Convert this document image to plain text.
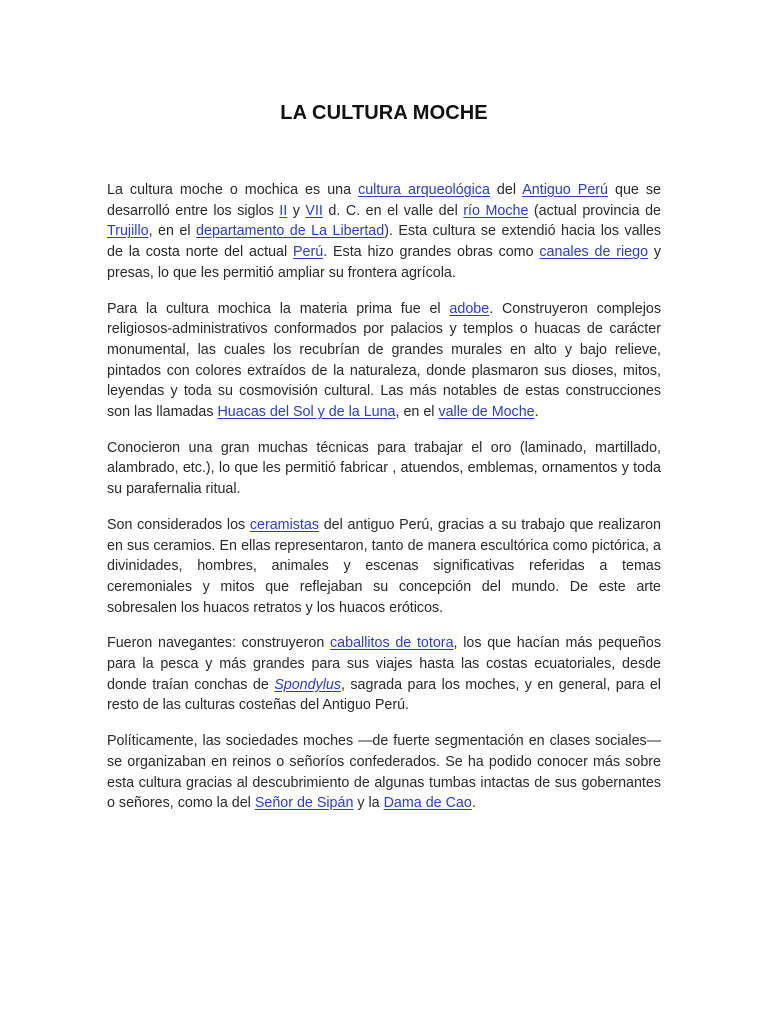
LA CULTURA MOCHE

La cultura moche o mochica es una cultura arqueológica del Antiguo Perú que se desarrolló entre los siglos II y VII d. C. en el valle del río Moche (actual provincia de Trujillo, en el departamento de La Libertad). Esta cultura se extendió hacia los valles de la costa norte del actual Perú. Esta hizo grandes obras como canales de riego y presas, lo que les permitió ampliar su frontera agrícola.

Para la cultura mochica la materia prima fue el adobe. Construyeron complejos religiosos-administrativos conformados por palacios y templos o huacas de carácter monumental, las cuales los recubrían de grandes murales en alto y bajo relieve, pintados con colores extraídos de la naturaleza, donde plasmaron sus dioses, mitos, leyendas y toda su cosmovisión cultural. Las más notables de estas construcciones son las llamadas Huacas del Sol y de la Luna, en el valle de Moche.

Conocieron una gran muchas técnicas para trabajar el oro (laminado, martillado, alambrado, etc.), lo que les permitió fabricar , atuendos, emblemas, ornamentos y toda su parafernalia ritual.

Son considerados los ceramistas del antiguo Perú, gracias a su trabajo que realizaron en sus ceramios. En ellas representaron, tanto de manera escultórica como pictórica, a divinidades, hombres, animales y escenas significativas referidas a temas ceremoniales y mitos que reflejaban su concepción del mundo. De este arte sobresalen los huacos retratos y los huacos eróticos.

Fueron navegantes: construyeron caballitos de totora, los que hacían más pequeños para la pesca y más grandes para sus viajes hasta las costas ecuatoriales, desde donde traían conchas de Spondylus, sagrada para los moches, y en general, para el resto de las culturas costeñas del Antiguo Perú.

Políticamente, las sociedades moches —de fuerte segmentación en clases sociales— se organizaban en reinos o señoríos confederados. Se ha podido conocer más sobre esta cultura gracias al descubrimiento de algunas tumbas intactas de sus gobernantes o señores, como la del Señor de Sipán y la Dama de Cao.
